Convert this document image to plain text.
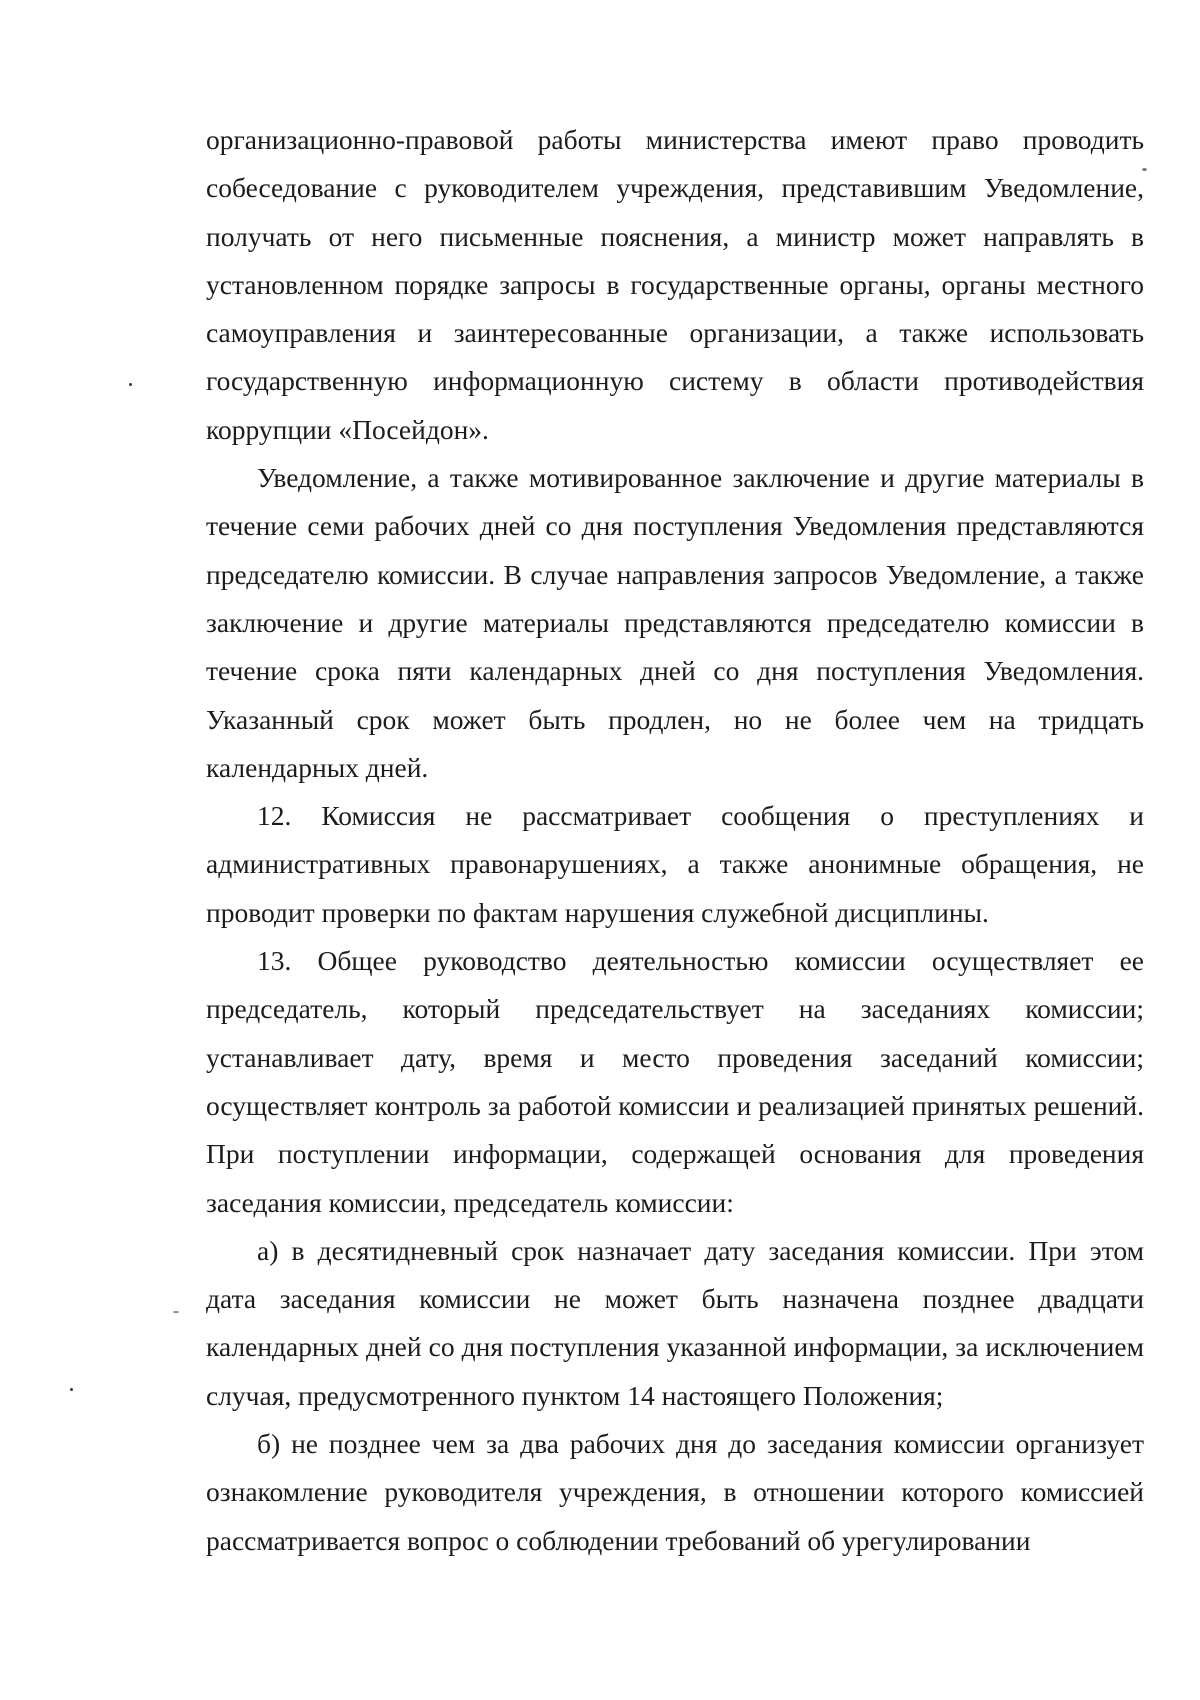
организационно-правовой работы министерства имеют право проводить собеседование с руководителем учреждения, представившим Уведомление, получать от него письменные пояснения, а министр может направлять в установленном порядке запросы в государственные органы, органы местного самоуправления и заинтересованные организации, а также использовать государственную информационную систему в области противодействия коррупции «Посейдон».

Уведомление, а также мотивированное заключение и другие материалы в течение семи рабочих дней со дня поступления Уведомления представляются председателю комиссии. В случае направления запросов Уведомление, а также заключение и другие материалы представляются председателю комиссии в течение срока пяти календарных дней со дня поступления Уведомления. Указанный срок может быть продлен, но не более чем на тридцать календарных дней.

12. Комиссия не рассматривает сообщения о преступлениях и административных правонарушениях, а также анонимные обращения, не проводит проверки по фактам нарушения служебной дисциплины.

13. Общее руководство деятельностью комиссии осуществляет ее председатель, который председательствует на заседаниях комиссии; устанавливает дату, время и место проведения заседаний комиссии; осуществляет контроль за работой комиссии и реализацией принятых решений. При поступлении информации, содержащей основания для проведения заседания комиссии, председатель комиссии:

а) в десятидневный срок назначает дату заседания комиссии. При этом дата заседания комиссии не может быть назначена позднее двадцати календарных дней со дня поступления указанной информации, за исключением случая, предусмотренного пунктом 14 настоящего Положения;

б) не позднее чем за два рабочих дня до заседания комиссии организует ознакомление руководителя учреждения, в отношении которого комиссией рассматривается вопрос о соблюдении требований об урегулировании
